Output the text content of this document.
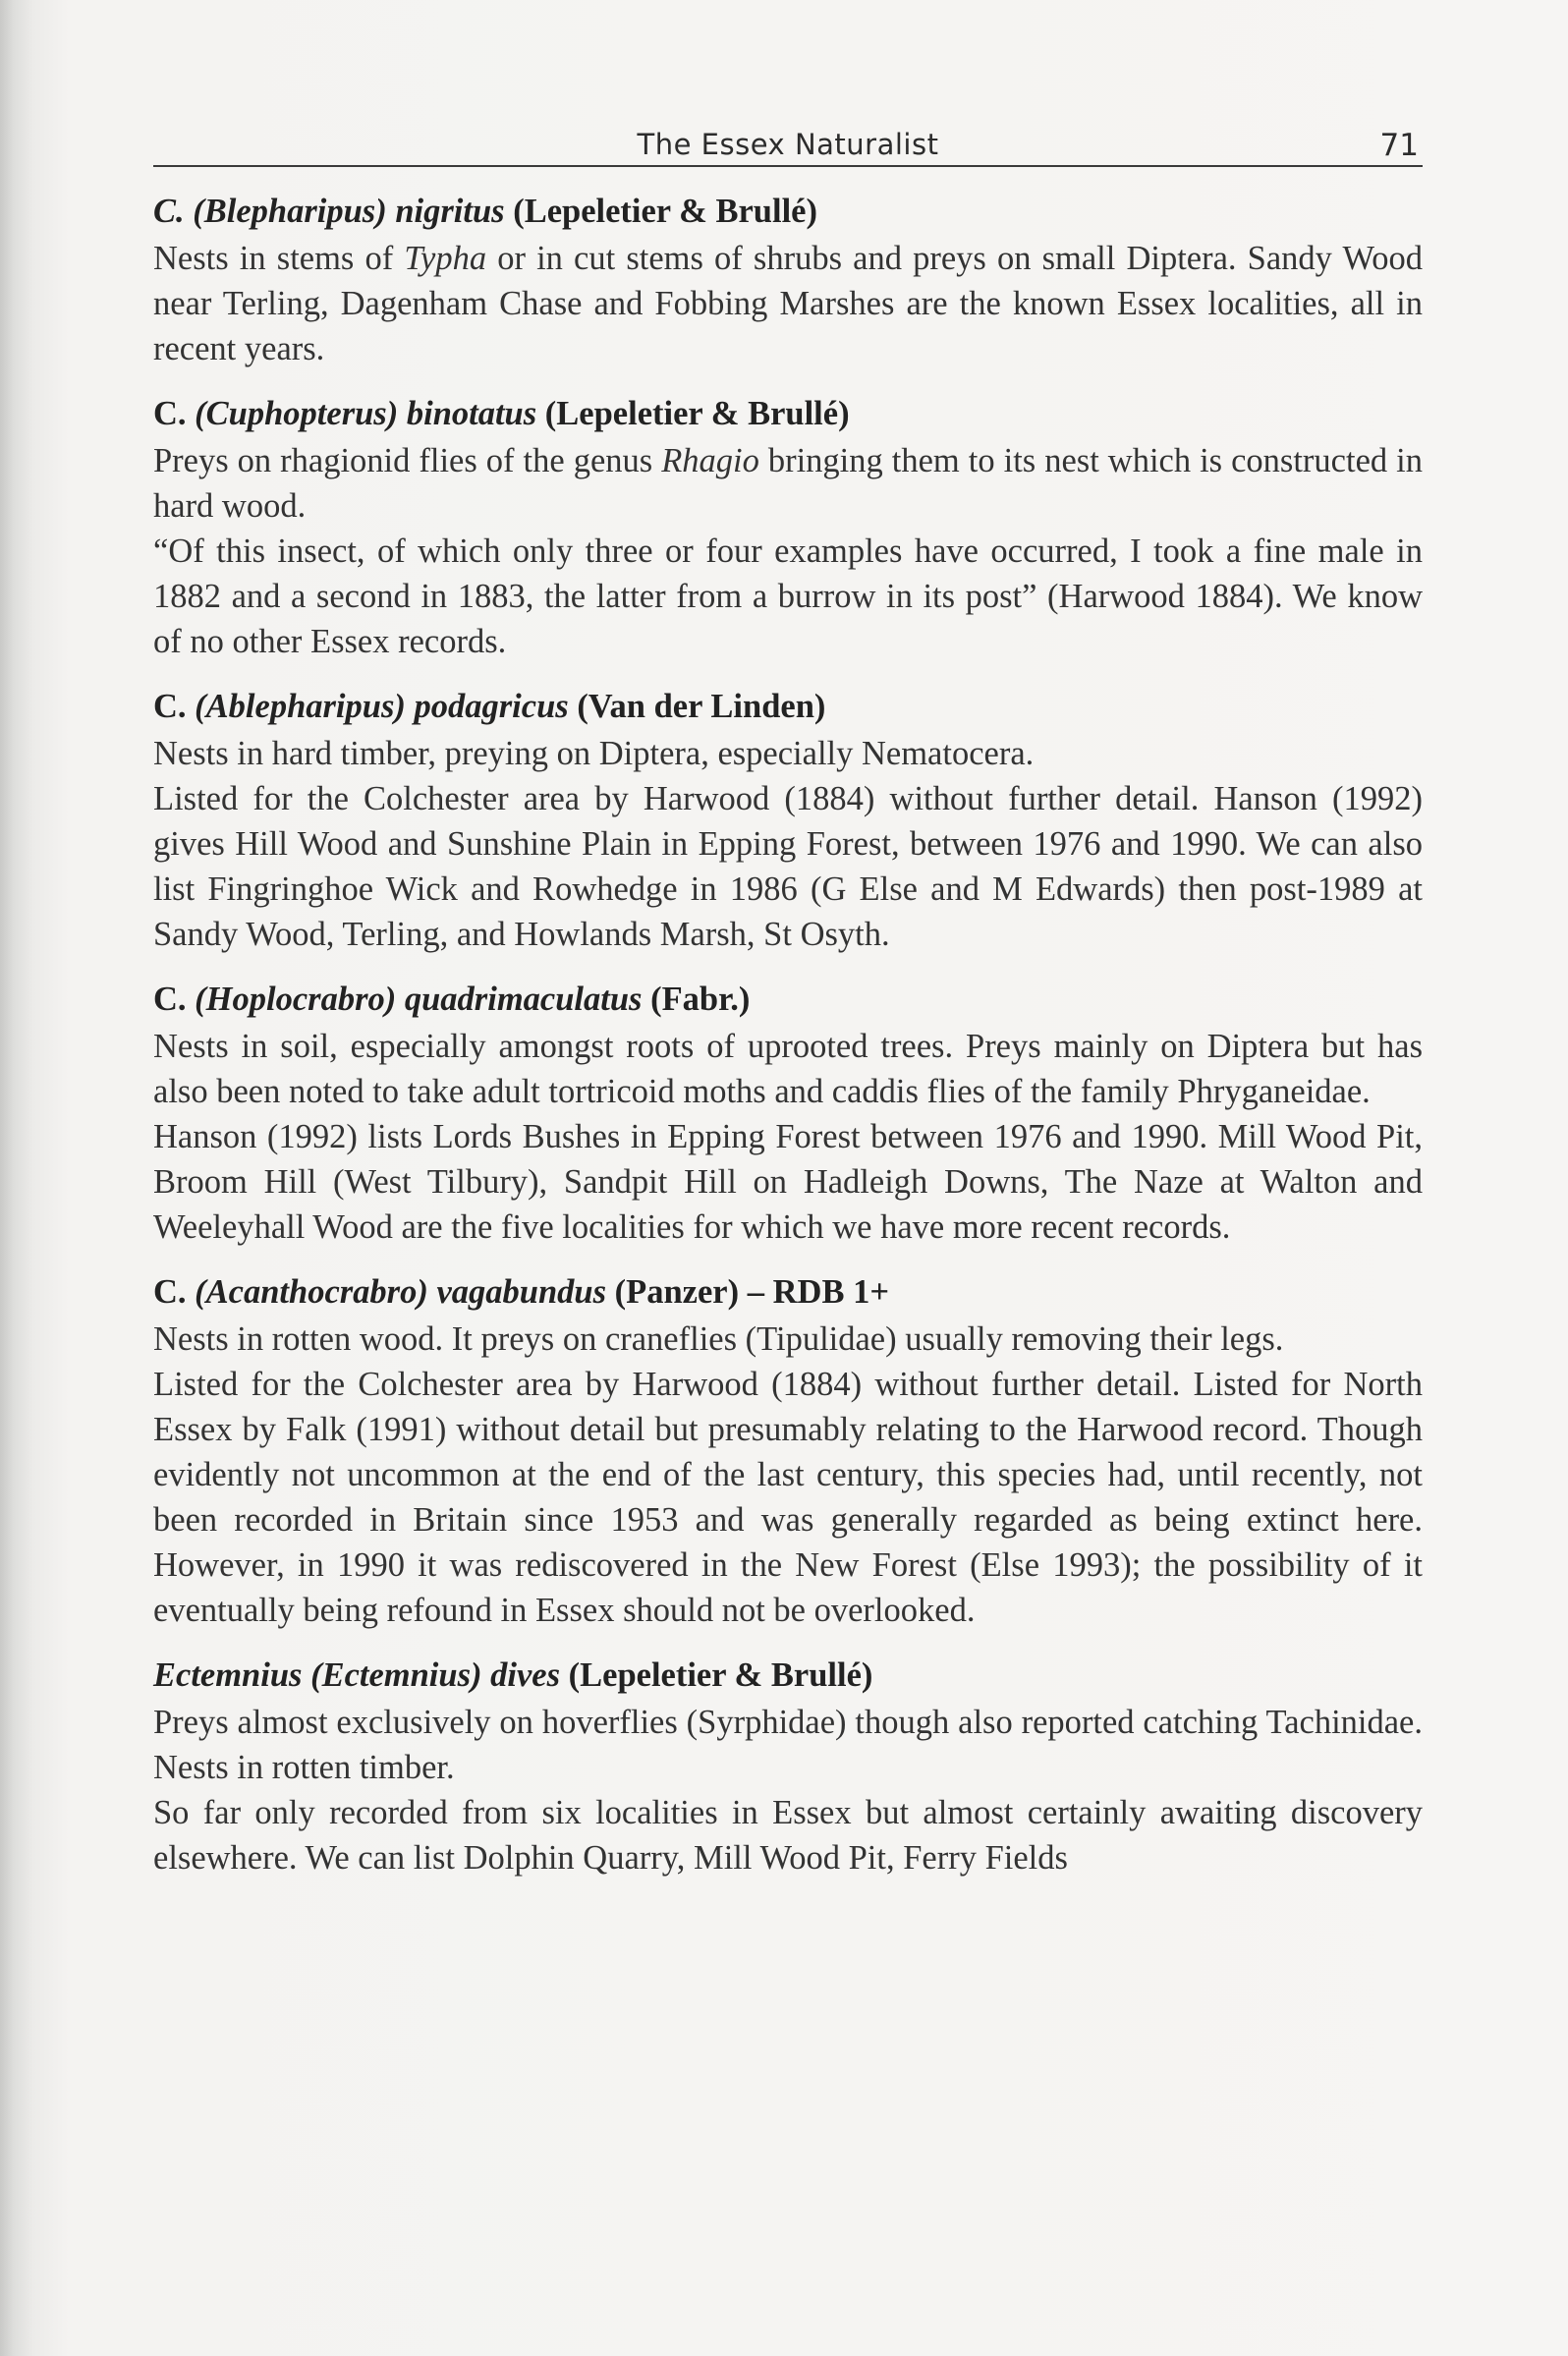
The Essex Naturalist	71
C. (Blepharipus) nigritus (Lepeletier & Brullé)

Nests in stems of Typha or in cut stems of shrubs and preys on small Diptera. Sandy Wood near Terling, Dagenham Chase and Fobbing Marshes are the known Essex localities, all in recent years.

C. (Cuphopterus) binotatus (Lepeletier & Brullé)

Preys on rhagionid flies of the genus Rhagio bringing them to its nest which is constructed in hard wood.

“Of this insect, of which only three or four examples have occurred, I took a fine male in 1882 and a second in 1883, the latter from a burrow in its post” (Harwood 1884). We know of no other Essex records.

C. (Ablepharipus) podagricus (Van der Linden)

Nests in hard timber, preying on Diptera, especially Nematocera.

Listed for the Colchester area by Harwood (1884) without further detail. Hanson (1992) gives Hill Wood and Sunshine Plain in Epping Forest, between 1976 and 1990. We can also list Fingringhoe Wick and Rowhedge in 1986 (G Else and M Edwards) then post-1989 at Sandy Wood, Terling, and Howlands Marsh, St Osyth.

C. (Hoplocrabro) quadrimaculatus (Fabr.)

Nests in soil, especially amongst roots of uprooted trees. Preys mainly on Diptera but has also been noted to take adult tortricoid moths and caddis flies of the family Phryganeidae.

Hanson (1992) lists Lords Bushes in Epping Forest between 1976 and 1990. Mill Wood Pit, Broom Hill (West Tilbury), Sandpit Hill on Hadleigh Downs, The Naze at Walton and Weeleyhall Wood are the five localities for which we have more recent records.

C. (Acanthocrabro) vagabundus (Panzer) – RDB 1+

Nests in rotten wood. It preys on craneflies (Tipulidae) usually removing their legs.

Listed for the Colchester area by Harwood (1884) without further detail. Listed for North Essex by Falk (1991) without detail but presumably relating to the Harwood record. Though evidently not uncommon at the end of the last century, this species had, until recently, not been recorded in Britain since 1953 and was generally regarded as being extinct here. However, in 1990 it was rediscovered in the New Forest (Else 1993); the possibility of it eventually being refound in Essex should not be overlooked.

Ectemnius (Ectemnius) dives (Lepeletier & Brullé)

Preys almost exclusively on hoverflies (Syrphidae) though also reported catching Tachinidae. Nests in rotten timber.

So far only recorded from six localities in Essex but almost certainly awaiting discovery elsewhere. We can list Dolphin Quarry, Mill Wood Pit, Ferry Fields
